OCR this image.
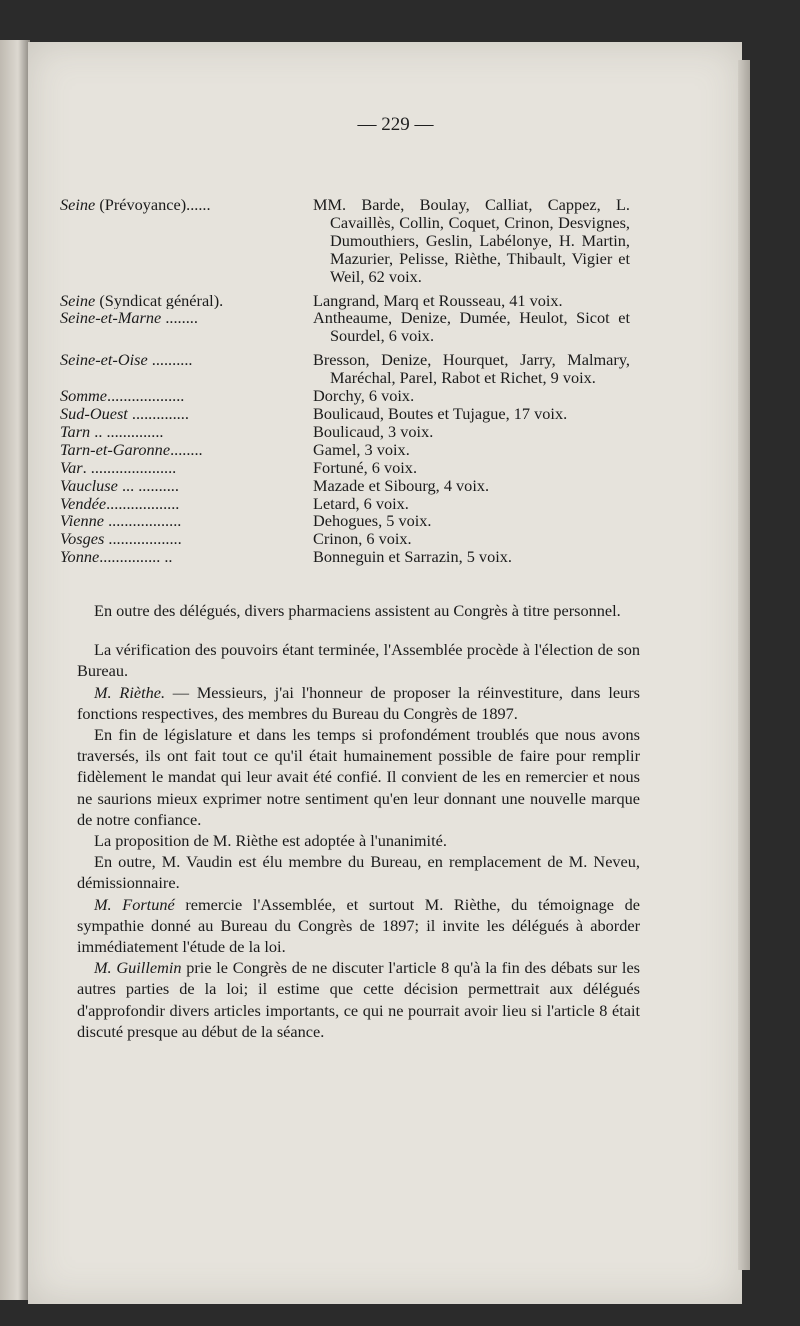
— 229 —
Seine (Prévoyance)......	MM. Barde, Boulay, Calliat, Cappez, L. Cavaillès, Collin, Coquet, Crinon, Desvignes, Dumouthiers, Geslin, Labélonye, H. Martin, Mazurier, Pelisse, Rièthe, Thibault, Vigier et Weil, 62 voix.
Seine (Syndicat général).	Langrand, Marq et Rousseau, 41 voix.
Seine-et-Marne ........	Antheaume, Denize, Dumée, Heulot, Sicot et Sourdel, 6 voix.
Seine-et-Oise ..........	Bresson, Denize, Hourquet, Jarry, Malmary, Maréchal, Parel, Rabot et Richet, 9 voix.
Somme...................	Dorchy, 6 voix.
Sud-Ouest ..............	Boulicaud, Boutes et Tujague, 17 voix.
Tarn .. ..............	Boulicaud, 3 voix.
Tarn-et-Garonne........	Gamel, 3 voix.
Var. .....................	Fortuné, 6 voix.
Vaucluse ... ..........	Mazade et Sibourg, 4 voix.
Vendée..................	Letard, 6 voix.
Vienne ..................	Dehogues, 5 voix.
Vosges ..................	Crinon, 6 voix.
Yonne............... ..	Bonneguin et Sarrazin, 5 voix.

En outre des délégués, divers pharmaciens assistent au Congrès à titre personnel.

La vérification des pouvoirs étant terminée, l'Assemblée procède à l'élection de son Bureau.

M. Rièthe. — Messieurs, j'ai l'honneur de proposer la réinvestiture, dans leurs fonctions respectives, des membres du Bureau du Congrès de 1897.

En fin de législature et dans les temps si profondément troublés que nous avons traversés, ils ont fait tout ce qu'il était humainement possible de faire pour remplir fidèlement le mandat qui leur avait été confié. Il convient de les en remercier et nous ne saurions mieux exprimer notre sentiment qu'en leur donnant une nouvelle marque de notre confiance.

La proposition de M. Rièthe est adoptée à l'unanimité.

En outre, M. Vaudin est élu membre du Bureau, en remplacement de M. Neveu, démissionnaire.

M. Fortuné remercie l'Assemblée, et surtout M. Rièthe, du témoignage de sympathie donné au Bureau du Congrès de 1897; il invite les délégués à aborder immédiatement l'étude de la loi.

M. Guillemin prie le Congrès de ne discuter l'article 8 qu'à la fin des débats sur les autres parties de la loi; il estime que cette décision permettrait aux délégués d'approfondir divers articles importants, ce qui ne pourrait avoir lieu si l'article 8 était discuté presque au début de la séance.
